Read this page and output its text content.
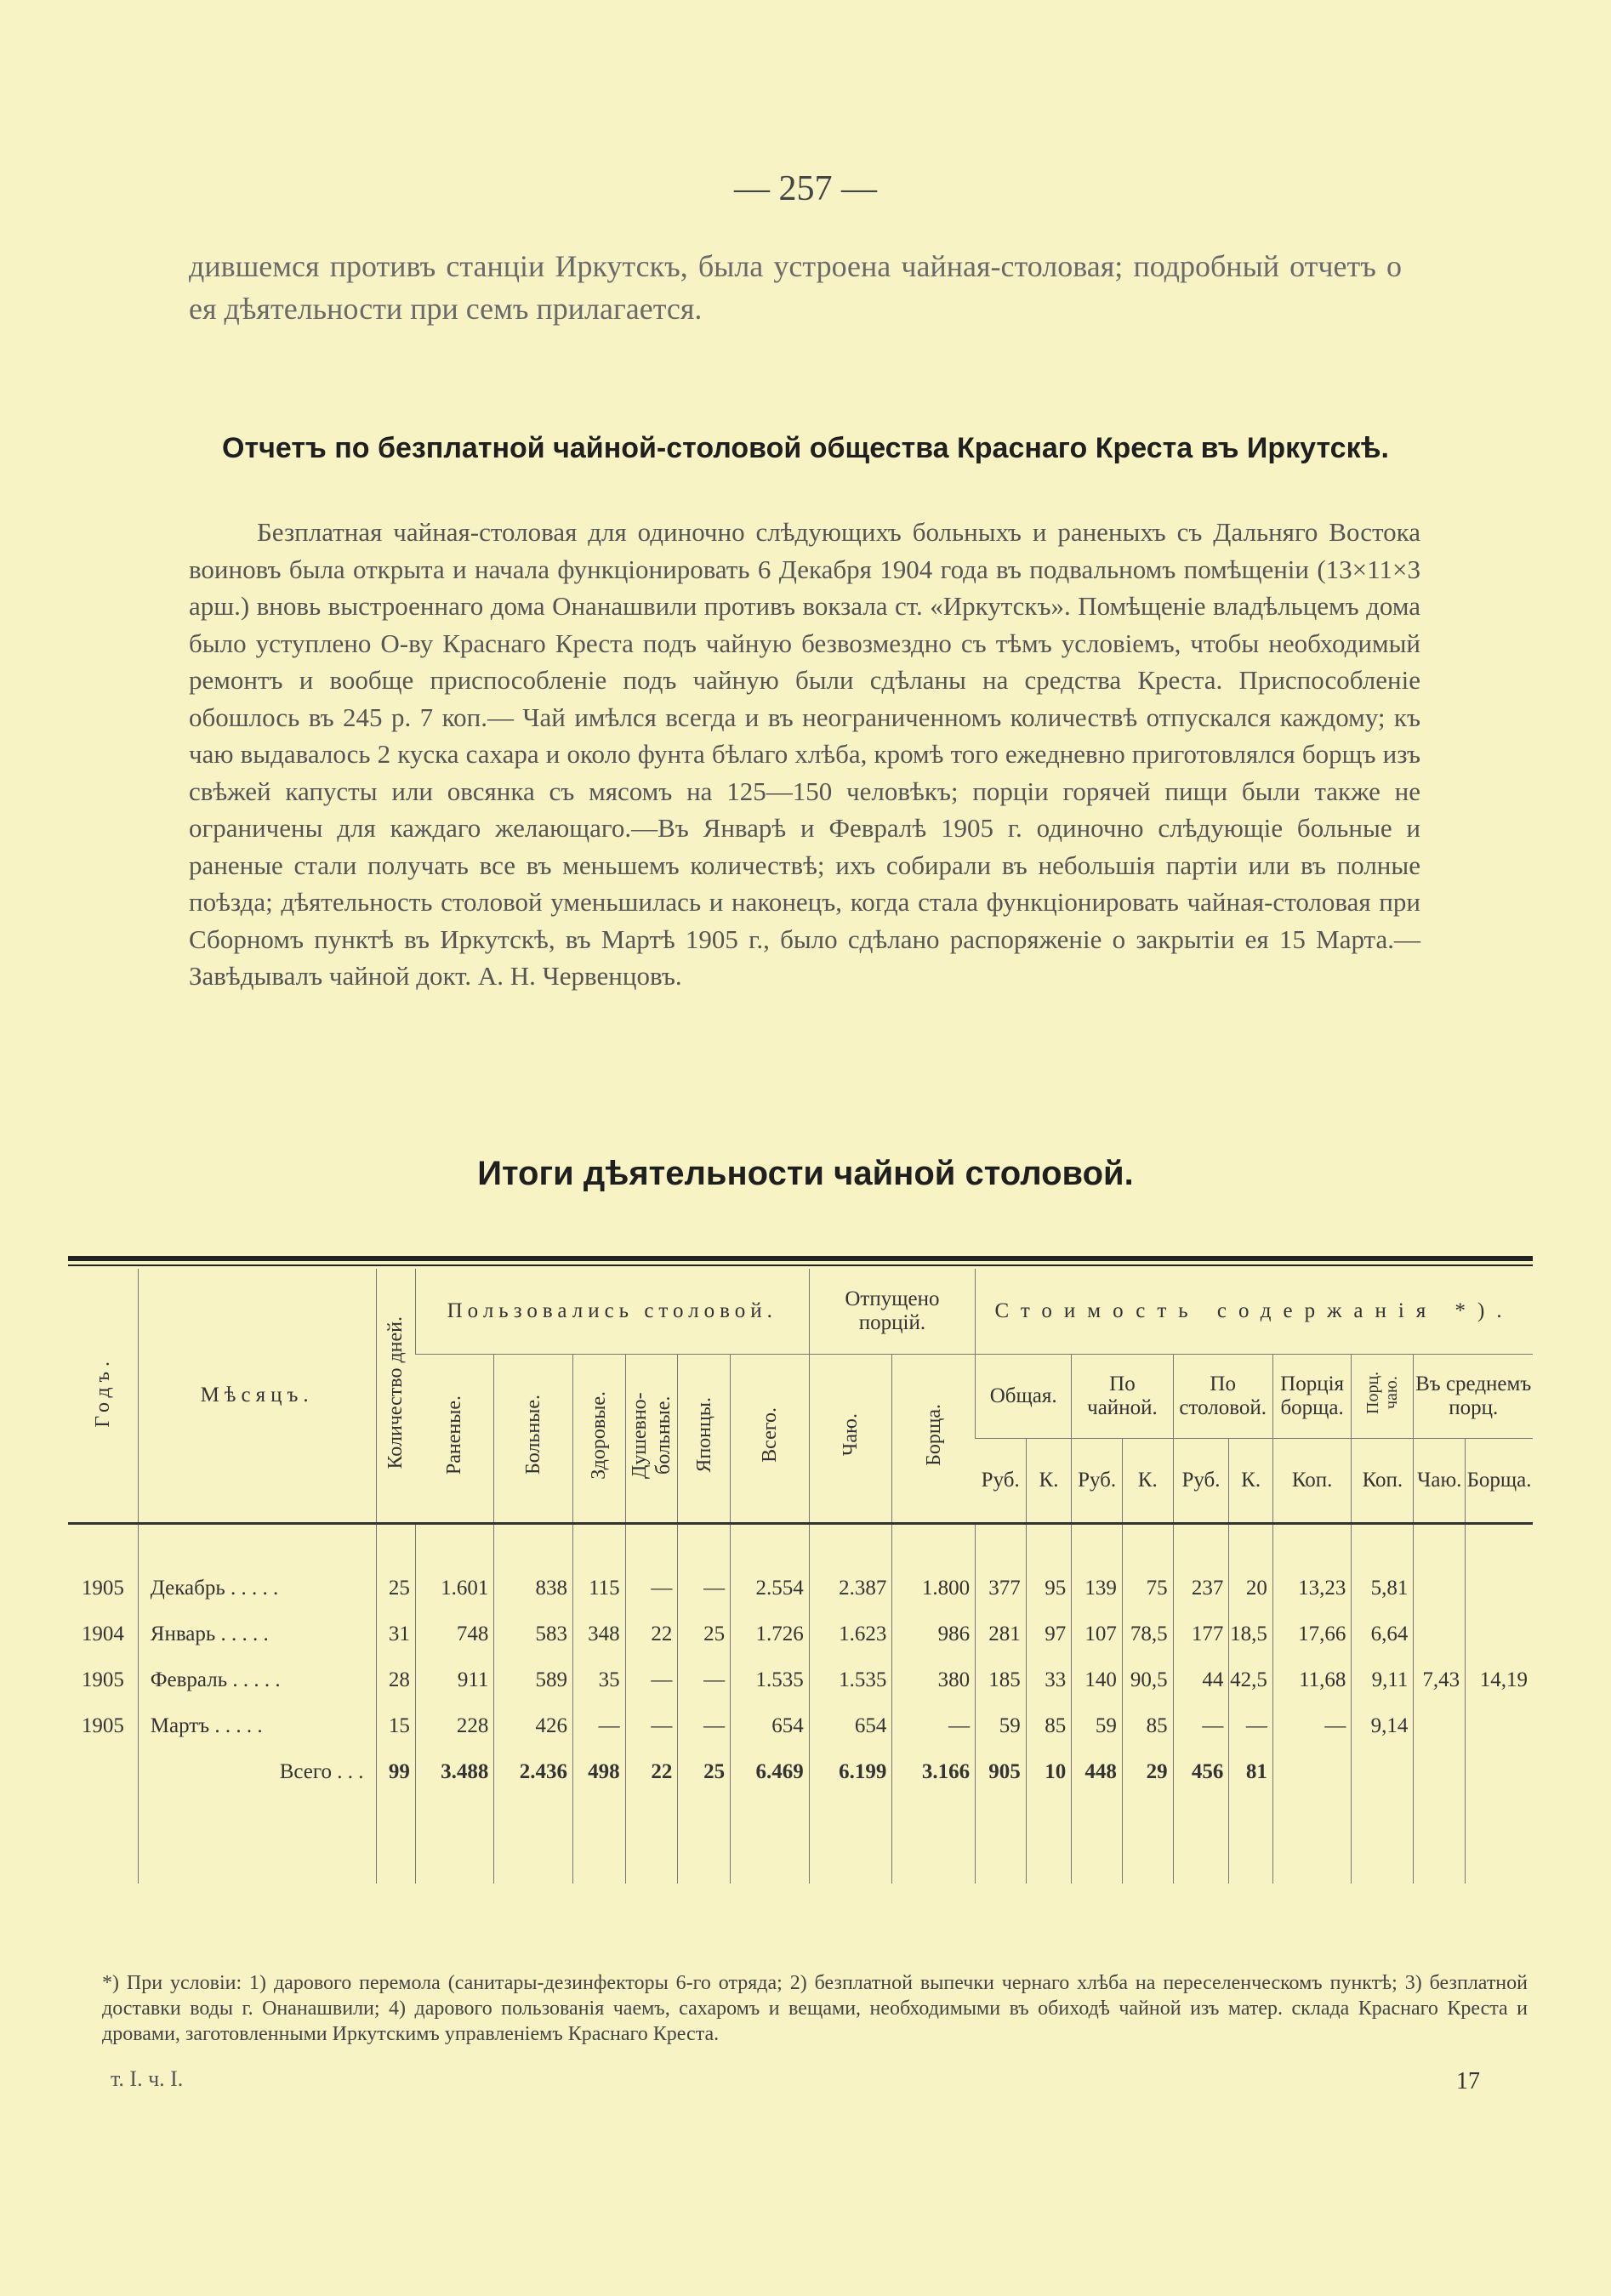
— 257 —
дившемся противъ станціи Иркутскъ, была устроена чайная-столовая; подробный отчетъ о ея дѣятельности при семъ прилагается.
Отчетъ по безплатной чайной-столовой общества Краснаго Креста въ Иркутскѣ.
Безплатная чайная-столовая для одиночно слѣдующихъ больныхъ и раненыхъ съ Дальняго Востока воиновъ была открыта и начала функціонировать 6 Декабря 1904 года въ подвальномъ помѣщеніи (13×11×3 арш.) вновь выстроеннаго дома Онанашвили противъ вокзала ст. «Иркутскъ». Помѣщеніе владѣльцемъ дома было уступлено О-ву Краснаго Креста подъ чайную безвозмездно съ тѣмъ условіемъ, чтобы необходимый ремонтъ и вообще приспособленіе подъ чайную были сдѣланы на средства Креста. Приспособленіе обошлось въ 245 р. 7 коп.— Чай имѣлся всегда и въ неограниченномъ количествѣ отпускался каждому; къ чаю выдавалось 2 куска сахара и около фунта бѣлаго хлѣба, кромѣ того ежедневно приготовлялся борщъ изъ свѣжей капусты или овсянка съ мясомъ на 125—150 человѣкъ; порціи горячей пищи были также не ограничены для каждаго желающаго.—Въ Январѣ и Февралѣ 1905 г. одиночно слѣдующіе больные и раненые стали получать все въ меньшемъ количествѣ; ихъ собирали въ небольшія партіи или въ полные поѣзда; дѣятельность столовой уменьшилась и наконецъ, когда стала функціонировать чайная-столовая при Сборномъ пунктѣ въ Иркутскѣ, въ Мартѣ 1905 г., было сдѣлано распоряженіе о закрытіи ея 15 Марта.—Завѣдывалъ чайной докт. А. Н. Червенцовъ.
Итоги дѣятельности чайной столовой.
Годъ.	Мѣсяцъ.	Количество дней.	Пользовались столовой.						Отпущено порцій.		Стоимость содержанія *).									
			Раненые.	Больные.	Здоровые.	Душевно-больные.	Японцы.	Всего.	Чаю.	Борща.	Общая.		По чайной.		По столовой.		Порція борща.	Порц. чаю.	Въ среднемъ порц.	

											Руб.	К.	Руб.	К.	Руб.	К.	Коп.	Коп.	Чаю.	Борща.

1905	Декабрь . . . . .	25	1.601	838	115	—	—	2.554	2.387	1.800	377	95	139	75	237	20	13,23	5,81		
1904	Январь . . . . .	31	748	583	348	22	25	1.726	1.623	986	281	97	107	78,5	177	18,5	17,66	6,64		
1905	Февраль . . . . .	28	911	589	35	—	—	1.535	1.535	380	185	33	140	90,5	44	42,5	11,68	9,11	7,43	14,19
1905	Мартъ . . . . .	15	228	426	—	—	—	654	654	—	59	85	59	85	—	—	—	9,14		
	Всего . . .	99	3.488	2.436	498	22	25	6.469	6.199	3.166	905	10	448	29	456	81				

*) При условіи: 1) дарового перемола (санитары-дезинфекторы 6-го отряда; 2) безплатной выпечки чернаго хлѣба на переселенческомъ пунктѣ; 3) безплатной доставки воды г. Онанашвили; 4) дарового пользованія чаемъ, сахаромъ и вещами, необходимыми въ обиходѣ чайной изъ матер. склада Краснаго Креста и дровами, заготовленными Иркутскимъ управленіемъ Краснаго Креста.
т. I. ч. I.	17
